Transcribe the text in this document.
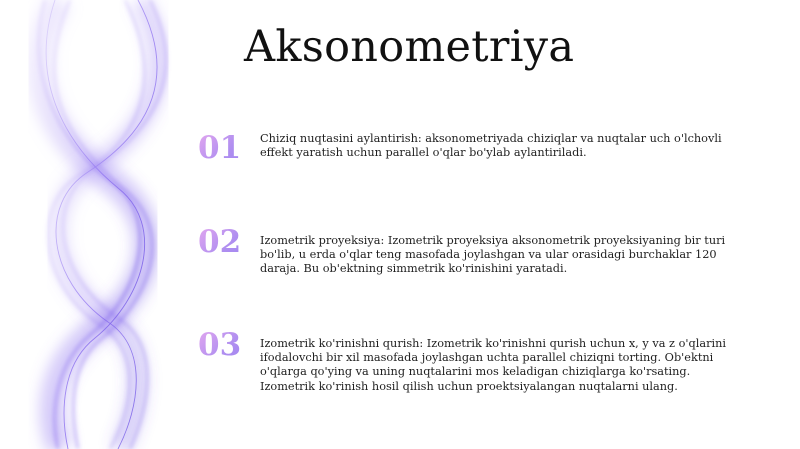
Aksonometriya
01	Chiziq nuqtasini aylantirish: aksonometriyada chiziqlar va nuqtalar uch o'lchovli effekt yaratish uchun parallel o'qlar bo'ylab aylantiriladi.

02	Izometrik proyeksiya: Izometrik proyeksiya aksonometrik proyeksiyaning bir turi bo'lib, u erda o'qlar teng masofada joylashgan va ular orasidagi burchaklar 120 daraja. Bu ob'ektning simmetrik ko'rinishini yaratadi.

03	Izometrik ko'rinishni qurish: Izometrik ko'rinishni qurish uchun x, y va z o'qlarini ifodalovchi bir xil masofada joylashgan uchta parallel chiziqni torting. Ob'ektni o'qlarga qo'ying va uning nuqtalarini mos keladigan chiziqlarga ko'rsating. Izometrik ko'rinish hosil qilish uchun proektsiyalangan nuqtalarni ulang.
